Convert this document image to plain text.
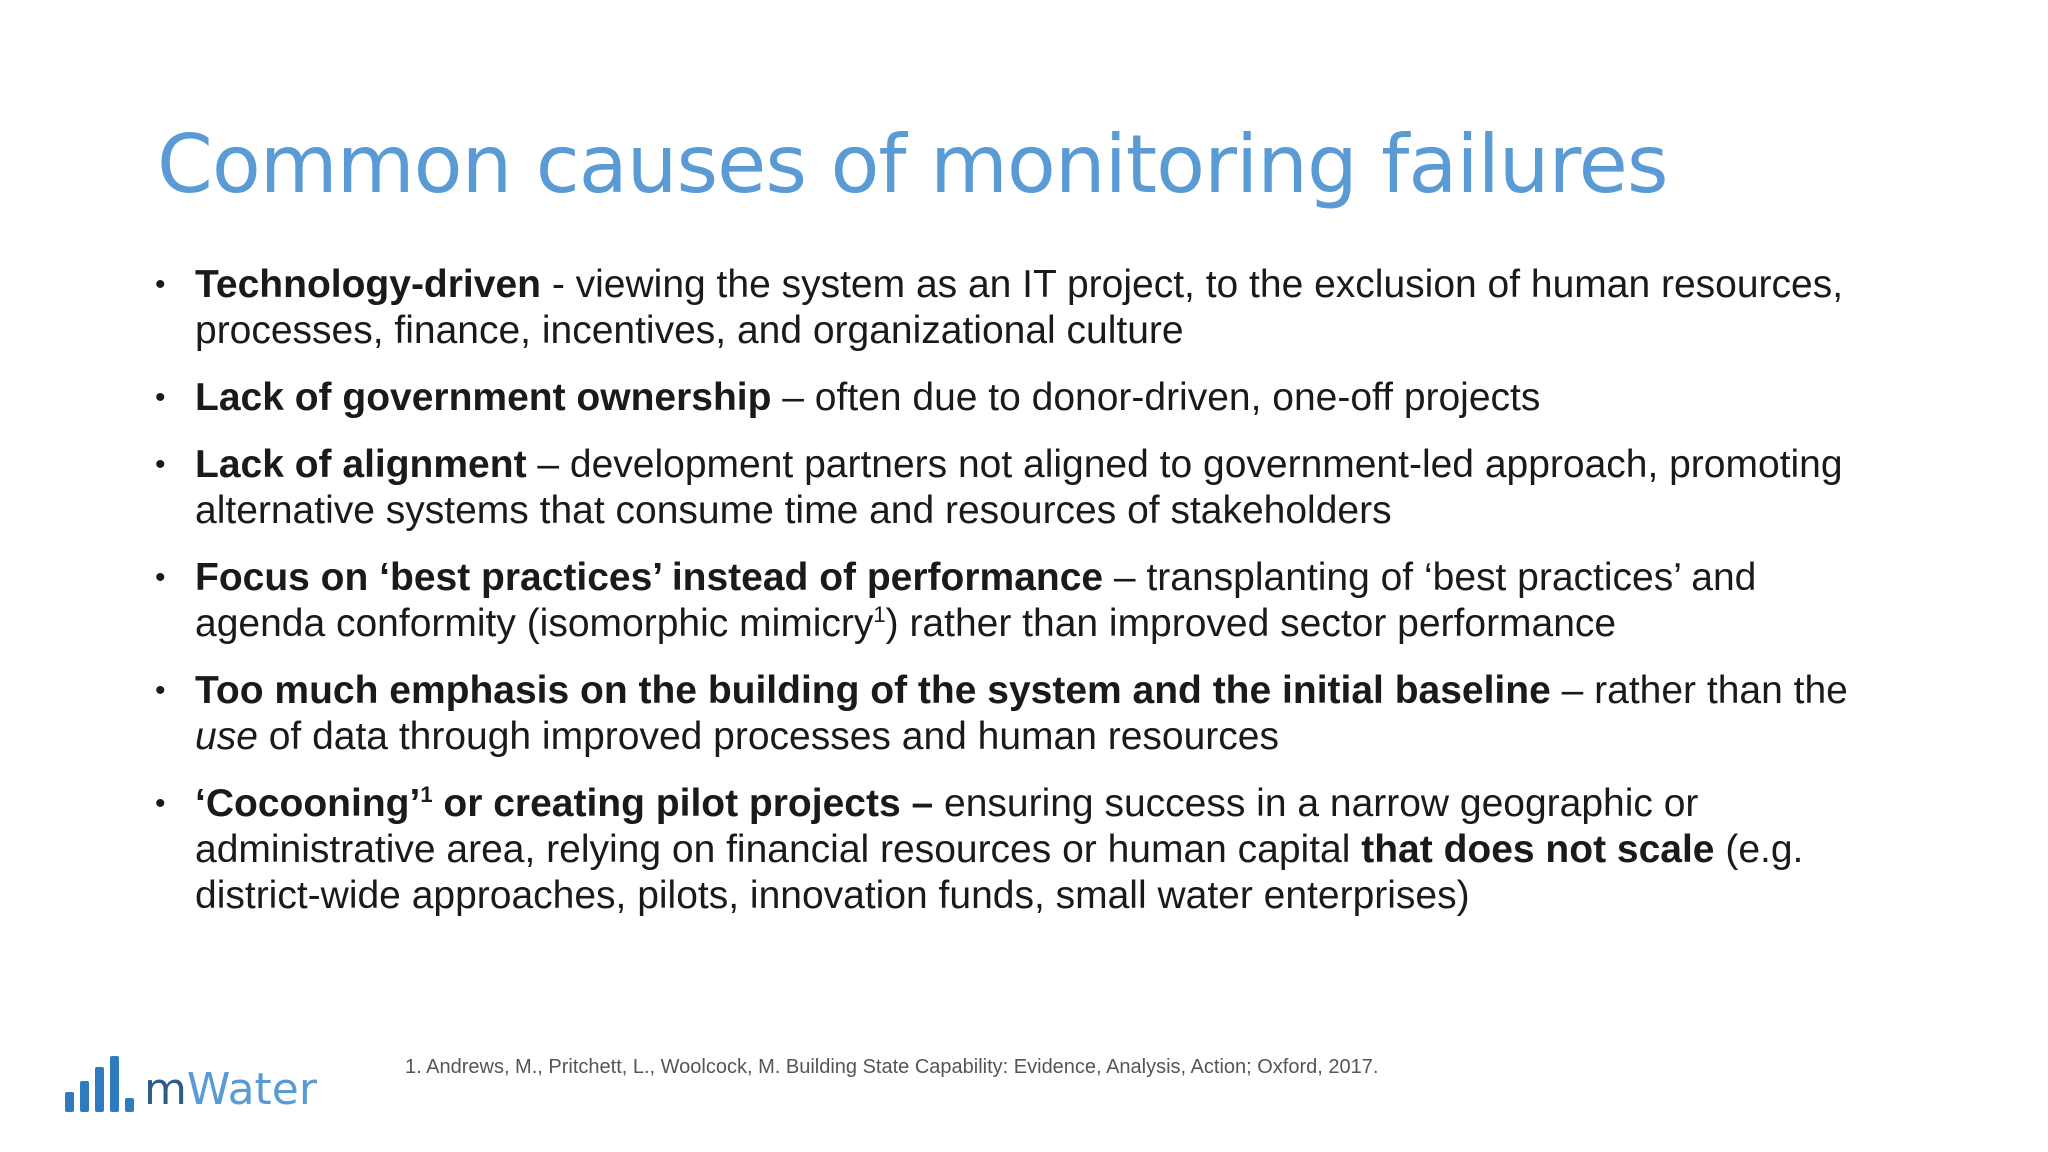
Common causes of monitoring failures
• Technology-driven - viewing the system as an IT project, to the exclusion of human resources, processes, finance, incentives, and organizational culture
• Lack of government ownership – often due to donor-driven, one-off projects
• Lack of alignment – development partners not aligned to government-led approach, promoting alternative systems that consume time and resources of stakeholders
• Focus on ‘best practices’ instead of performance – transplanting of ‘best practices’ and agenda conformity (isomorphic mimicry$^1$) rather than improved sector performance
• Too much emphasis on the building of the system and the initial baseline – rather than the use of data through improved processes and human resources
• ‘Cocooning’$^1$ or creating pilot projects – ensuring success in a narrow geographic or administrative area, relying on financial resources or human capital that does not scale (e.g. district-wide approaches, pilots, innovation funds, small water enterprises)
mWater	1. Andrews, M., Pritchett, L., Woolcock, M. Building State Capability: Evidence, Analysis, Action; Oxford, 2017.
